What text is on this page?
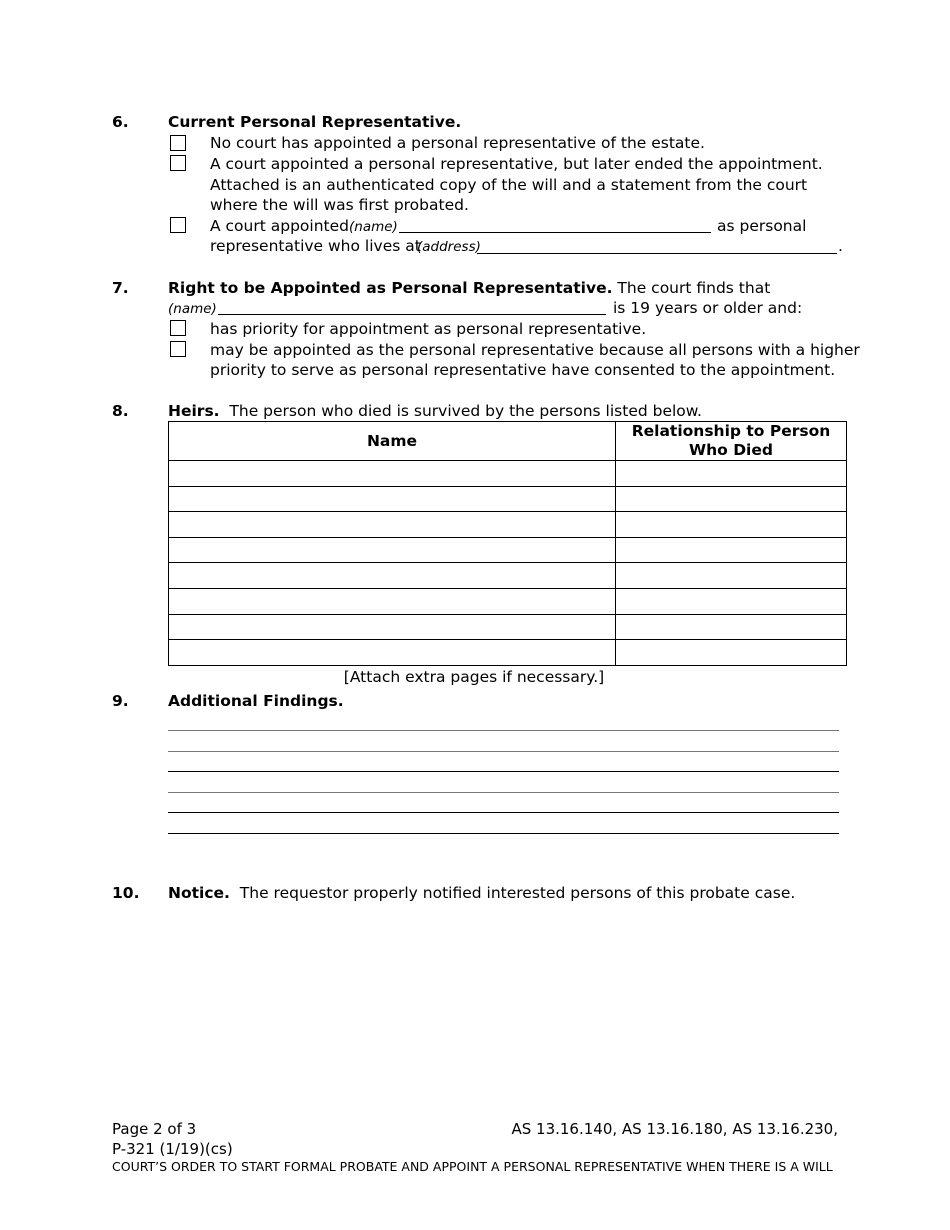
6.	Current Personal Representative.
No court has appointed a personal representative of the estate.
A court appointed a personal representative, but later ended the appointment.
Attached is an authenticated copy of the will and a statement from the court
where the will was first probated.
A court appointed (name)	as personal
representative who lives at
(address)	.
7.	Right to be Appointed as Personal Representative. The court finds that
(name)	is 19 years or older and:
has priority for appointment as personal representative.
may be appointed as the personal representative because all persons with a higher
priority to serve as personal representative have consented to the appointment.
8.	Heirs. The person who died is survived by the persons listed below.
Name	Relationship to Person
Who Died

[Attach extra pages if necessary.]
9.	Additional Findings.
10. Notice. The requestor properly notified interested persons of this probate case.
Page 2 of 3	AS 13.16.140, AS 13.16.180, AS 13.16.230,
P-321 (1/19)(cs)
COURT’S ORDER TO START FORMAL PROBATE AND APPOINT A PERSONAL REPRESENTATIVE WHEN THERE IS A WILL
